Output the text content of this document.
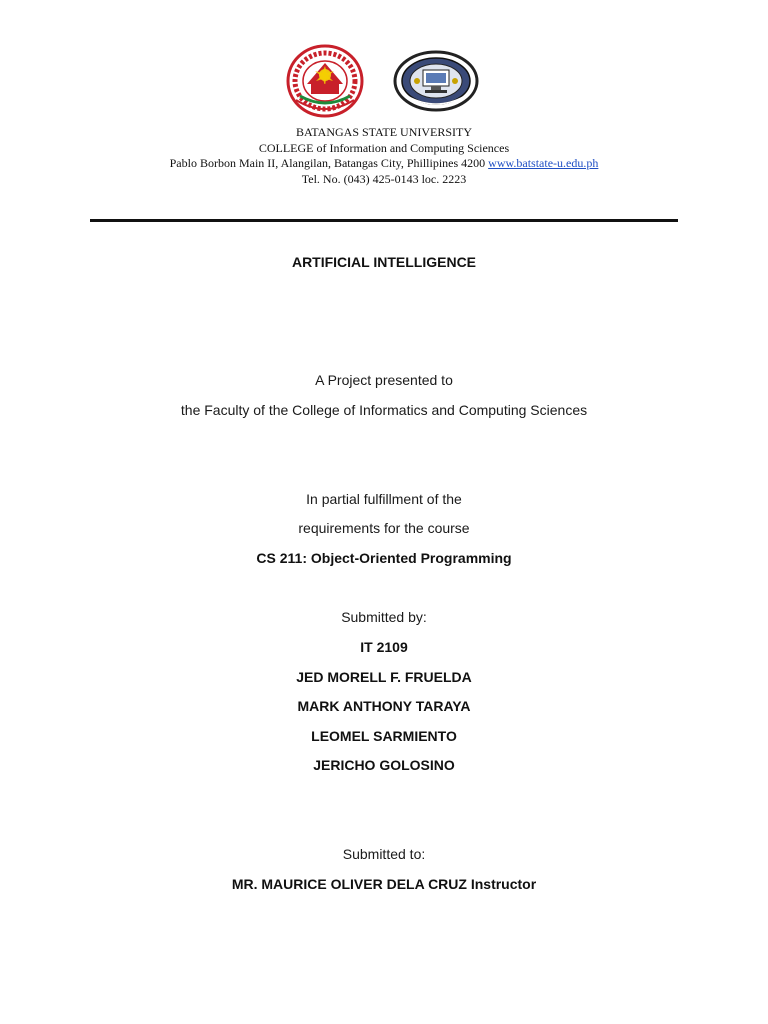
BATANGAS STATE UNIVERSITY
COLLEGE of Information and Computing Sciences
Pablo Borbon Main II, Alangilan, Batangas City, Phillipines 4200 www.batstate-u.edu.ph
Tel. No. (043) 425-0143 loc. 2223
ARTIFICIAL INTELLIGENCE
A Project presented to
the Faculty of the College of Informatics and Computing Sciences
In partial fulfillment of the
requirements for the course
CS 211: Object-Oriented Programming
Submitted by:
IT 2109
JED MORELL F. FRUELDA
MARK ANTHONY TARAYA
LEOMEL SARMIENTO
JERICHO GOLOSINO
Submitted to:
MR. MAURICE OLIVER DELA CRUZ Instructor
